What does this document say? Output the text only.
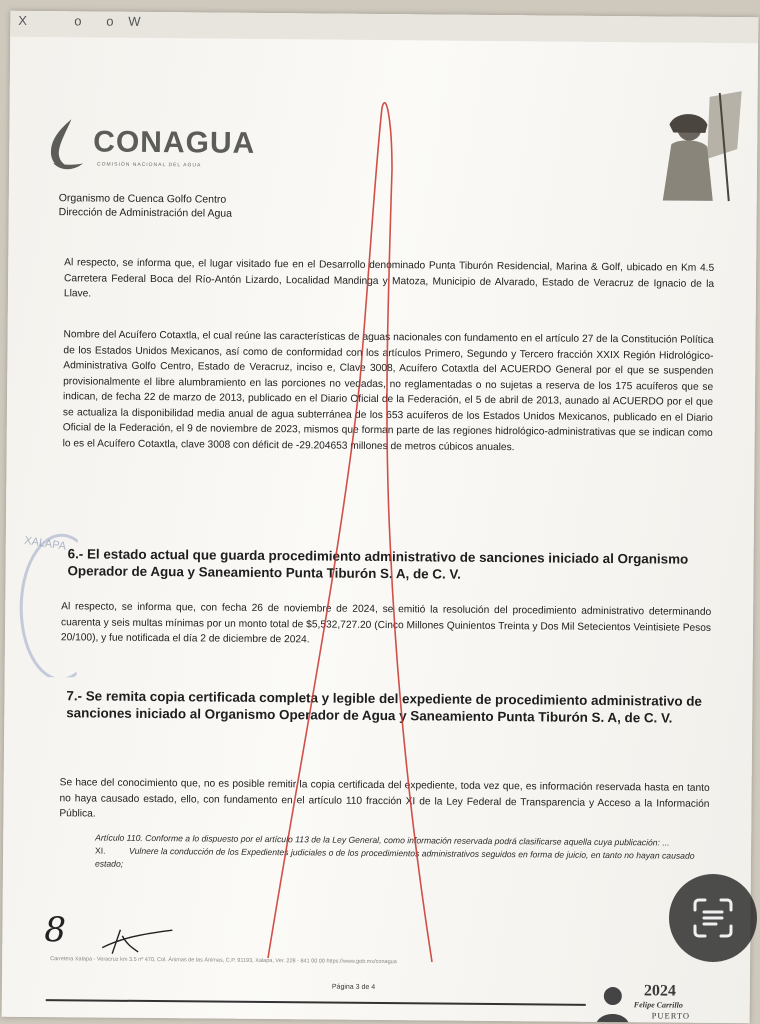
X	o o W
CONAGUA
COMISIÓN NACIONAL DEL AGUA
Organismo de Cuenca Golfo Centro
Dirección de Administración del Agua
Al respecto, se informa que, el lugar visitado fue en el Desarrollo denominado Punta Tiburón Residencial, Marina & Golf, ubicado en Km 4.5 Carretera Federal Boca del Río-Antón Lizardo, Localidad Mandinga y Matoza, Municipio de Alvarado, Estado de Veracruz de Ignacio de la Llave.
Nombre del Acuífero Cotaxtla, el cual reúne las características de aguas nacionales con fundamento en el artículo 27 de la Constitución Política de los Estados Unidos Mexicanos, así como de conformidad con los artículos Primero, Segundo y Tercero fracción XXIX Región Hidrológico-Administrativa Golfo Centro, Estado de Veracruz, inciso e, Clave 3008, Acuífero Cotaxtla del ACUERDO General por el que se suspenden provisionalmente el libre alumbramiento en las porciones no vedadas, no reglamentadas o no sujetas a reserva de los 175 acuíferos que se indican, de fecha 22 de marzo de 2013, publicado en el Diario Oficial de la Federación, el 5 de abril de 2013, aunado al ACUERDO por el que se actualiza la disponibilidad media anual de agua subterránea de los 653 acuíferos de los Estados Unidos Mexicanos, publicado en el Diario Oficial de la Federación, el 9 de noviembre de 2023, mismos que forman parte de las regiones hidrológico-administrativas que se indican como lo es el Acuífero Cotaxtla, clave 3008 con déficit de -29.204653 millones de metros cúbicos anuales.
XALAPA
6.- El estado actual que guarda procedimiento administrativo de sanciones iniciado al Organismo Operador de Agua y Saneamiento Punta Tiburón S. A, de C. V.
Al respecto, se informa que, con fecha 26 de noviembre de 2024, se emitió la resolución del procedimiento administrativo determinando cuarenta y seis multas mínimas por un monto total de $5,532,727.20 (Cinco Millones Quinientos Treinta y Dos Mil Setecientos Veintisiete Pesos 20/100), y fue notificada el día 2 de diciembre de 2024.
7.- Se remita copia certificada completa y legible del expediente de procedimiento administrativo de sanciones iniciado al Organismo Operador de Agua y Saneamiento Punta Tiburón S. A, de C. V.
Se hace del conocimiento que, no es posible remitir la copia certificada del expediente, toda vez que, es información reservada hasta en tanto no haya causado estado, ello, con fundamento en el artículo 110 fracción XI de la Ley Federal de Transparencia y Acceso a la Información Pública.
Artículo 110. Conforme a lo dispuesto por el artículo 113 de la Ley General, como información reservada podrá clasificarse aquella cuya publicación: ...
XI.	Vulnere la conducción de los Expedientes judiciales o de los procedimientos administrativos seguidos en forma de juicio, en tanto no hayan causado estado;
8
Carretera Xalapa - Veracruz km 3.5 nº 470, Col. Ánimas de las Ánimas, C.P. 91193, Xalapa, Ver. 228 - 841 00 00 https://www.gob.mx/conagua
Página 3 de 4	2024
Felipe Carrillo
PUERTO
